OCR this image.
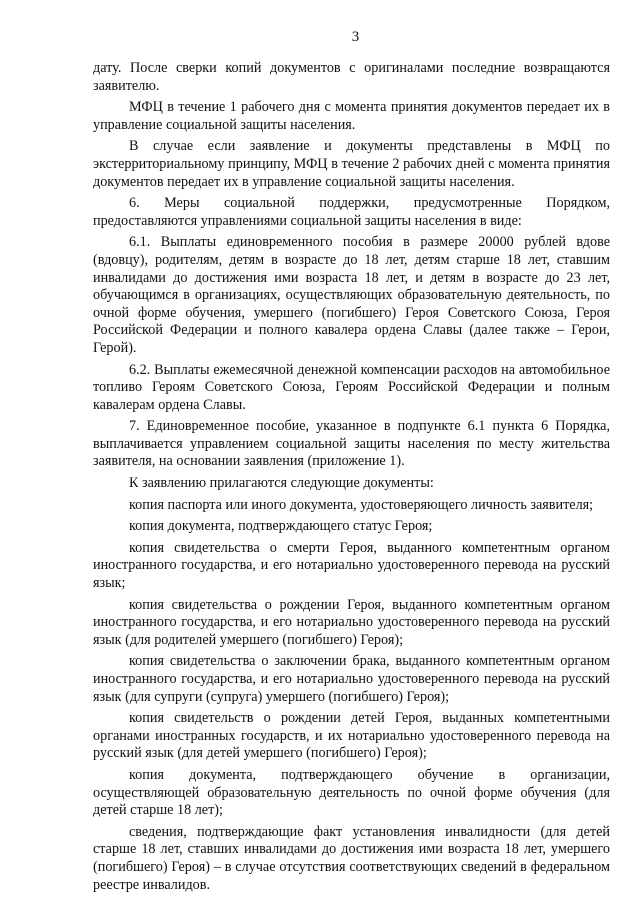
3

дату. После сверки копий документов с оригиналами последние возвращаются заявителю.

МФЦ в течение 1 рабочего дня с момента принятия документов передает их в управление социальной защиты населения.

В случае если заявление и документы представлены в МФЦ по экстерриториальному принципу, МФЦ в течение 2 рабочих дней с момента принятия документов передает их в управление социальной защиты населения.

6. Меры социальной поддержки, предусмотренные Порядком, предоставляются управлениями социальной защиты населения в виде:

6.1. Выплаты единовременного пособия в размере 20000 рублей вдове (вдовцу), родителям, детям в возрасте до 18 лет, детям старше 18 лет, ставшим инвалидами до достижения ими возраста 18 лет, и детям в возрасте до 23 лет, обучающимся в организациях, осуществляющих образовательную деятельность, по очной форме обучения, умершего (погибшего) Героя Советского Союза, Героя Российской Федерации и полного кавалера ордена Славы (далее также – Герои, Герой).

6.2. Выплаты ежемесячной денежной компенсации расходов на автомобильное топливо Героям Советского Союза, Героям Российской Федерации и полным кавалерам ордена Славы.

7. Единовременное пособие, указанное в подпункте 6.1 пункта 6 Порядка, выплачивается управлением социальной защиты населения по месту жительства заявителя, на основании заявления (приложение 1).

К заявлению прилагаются следующие документы:

копия паспорта или иного документа, удостоверяющего личность заявителя;

копия документа, подтверждающего статус Героя;

копия свидетельства о смерти Героя, выданного компетентным органом иностранного государства, и его нотариально удостоверенного перевода на русский язык;

копия свидетельства о рождении Героя, выданного компетентным органом иностранного государства, и его нотариально удостоверенного перевода на русский язык (для родителей умершего (погибшего) Героя);

копия свидетельства о заключении брака, выданного компетентным органом иностранного государства, и его нотариально удостоверенного перевода на русский язык (для супруги (супруга) умершего (погибшего) Героя);

копия свидетельств о рождении детей Героя, выданных компетентными органами иностранных государств, и их нотариально удостоверенного перевода на русский язык (для детей умершего (погибшего) Героя);

копия документа, подтверждающего обучение в организации, осуществляющей образовательную деятельность по очной форме обучения (для детей старше 18 лет);

сведения, подтверждающие факт установления инвалидности (для детей старше 18 лет, ставших инвалидами до достижения ими возраста 18 лет, умершего (погибшего) Героя) – в случае отсутствия соответствующих сведений в федеральном реестре инвалидов.
